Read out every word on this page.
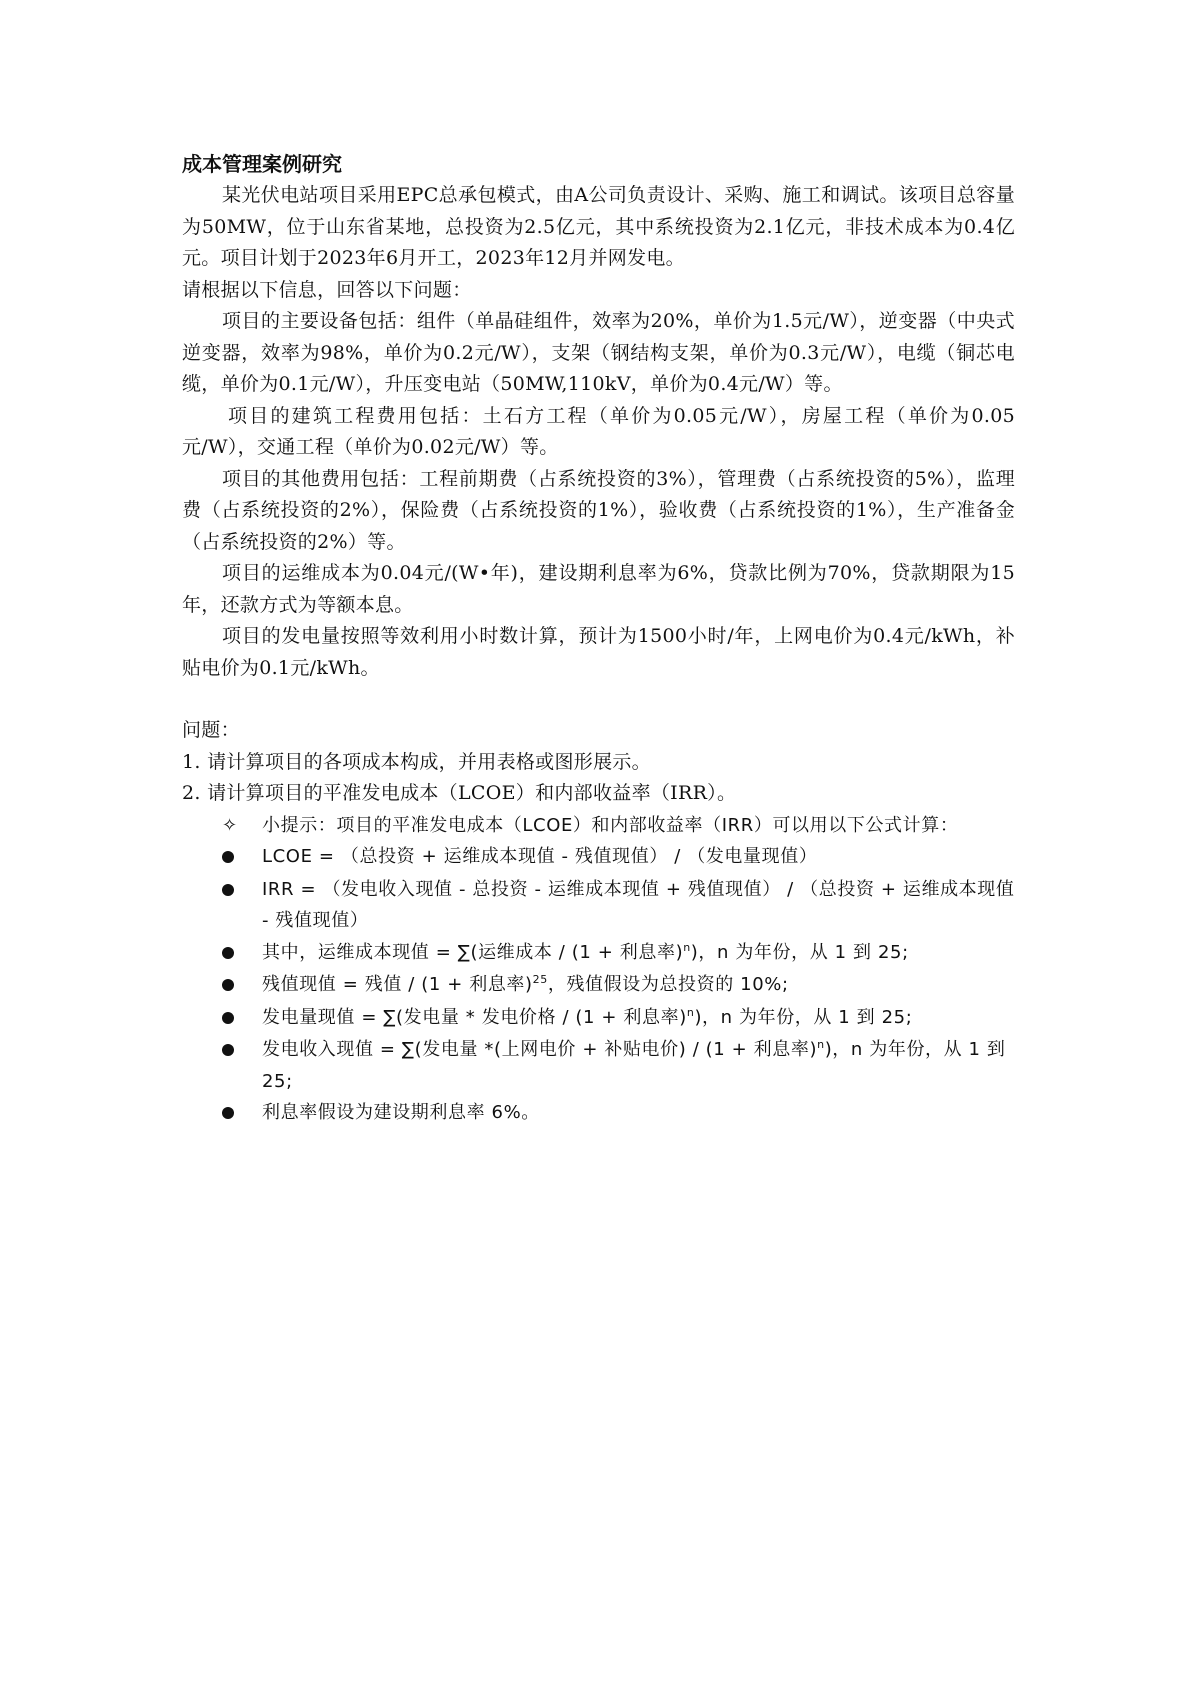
成本管理案例研究

某光伏电站项目采用EPC总承包模式，由A公司负责设计、采购、施工和调试。该项目总容量为50MW，位于山东省某地，总投资为2.5亿元，其中系统投资为2.1亿元，非技术成本为0.4亿元。项目计划于2023年6月开工，2023年12月并网发电。

请根据以下信息，回答以下问题：

项目的主要设备包括：组件（单晶硅组件，效率为20%，单价为1.5元/W），逆变器（中央式逆变器，效率为98%，单价为0.2元/W），支架（钢结构支架，单价为0.3元/W），电缆（铜芯电缆，单价为0.1元/W），升压变电站（50MW,110kV，单价为0.4元/W）等。

项目的建筑工程费用包括：土石方工程（单价为0.05元/W），房屋工程（单价为0.05元/W），交通工程（单价为0.02元/W）等。

项目的其他费用包括：工程前期费（占系统投资的3%），管理费（占系统投资的5%），监理费（占系统投资的2%），保险费（占系统投资的1%），验收费（占系统投资的1%），生产准备金（占系统投资的2%）等。

项目的运维成本为0.04元/(W•年)，建设期利息率为6%，贷款比例为70%，贷款期限为15年，还款方式为等额本息。

项目的发电量按照等效利用小时数计算，预计为1500小时/年，上网电价为0.4元/kWh，补贴电价为0.1元/kWh。

问题：

1. 请计算项目的各项成本构成，并用表格或图形展示。

2. 请计算项目的平准发电成本（LCOE）和内部收益率（IRR）。

✧	小提示：项目的平准发电成本（LCOE）和内部收益率（IRR）可以用以下公式计算：
LCOE = （总投资 + 运维成本现值 - 残值现值） / （发电量现值）
IRR = （发电收入现值 - 总投资 - 运维成本现值 + 残值现值） / （总投资 + 运维成本现值 - 残值现值）
其中，运维成本现值 = ∑(运维成本 / (1 + 利息率)$^n$)，n 为年份，从 1 到 25;
残值现值 = 残值 / (1 + 利息率)$^{25}$，残值假设为总投资的 10%;
发电量现值 = ∑(发电量 * 发电价格 / (1 + 利息率)$^n$)，n 为年份，从 1 到 25;
发电收入现值 = ∑(发电量 *(上网电价 + 补贴电价) / (1 + 利息率)$^n$)，n 为年份，从 1 到 25;
利息率假设为建设期利息率 6%。
